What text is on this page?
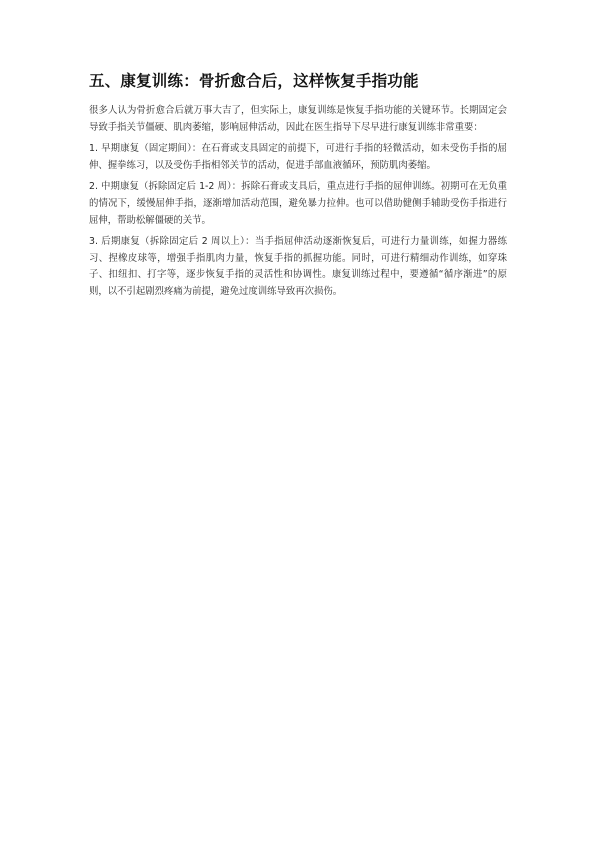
五、康复训练：骨折愈合后，这样恢复手指功能

很多人认为骨折愈合后就万事大吉了，但实际上，康复训练是恢复手指功能的关键环节。长期固定会导致手指关节僵硬、肌肉萎缩，影响屈伸活动，因此在医生指导下尽早进行康复训练非常重要：

1. 早期康复（固定期间）：在石膏或支具固定的前提下，可进行手指的轻微活动，如未受伤手指的屈伸、握拳练习，以及受伤手指相邻关节的活动，促进手部血液循环，预防肌肉萎缩。

2. 中期康复（拆除固定后 1-2 周）：拆除石膏或支具后，重点进行手指的屈伸训练。初期可在无负重的情况下，缓慢屈伸手指，逐渐增加活动范围，避免暴力拉伸。也可以借助健侧手辅助受伤手指进行屈伸，帮助松解僵硬的关节。

3. 后期康复（拆除固定后 2 周以上）：当手指屈伸活动逐渐恢复后，可进行力量训练，如握力器练习、捏橡皮球等，增强手指肌肉力量，恢复手指的抓握功能。同时，可进行精细动作训练，如穿珠子、扣纽扣、打字等，逐步恢复手指的灵活性和协调性。康复训练过程中，要遵循“循序渐进”的原则，以不引起剧烈疼痛为前提，避免过度训练导致再次损伤。
